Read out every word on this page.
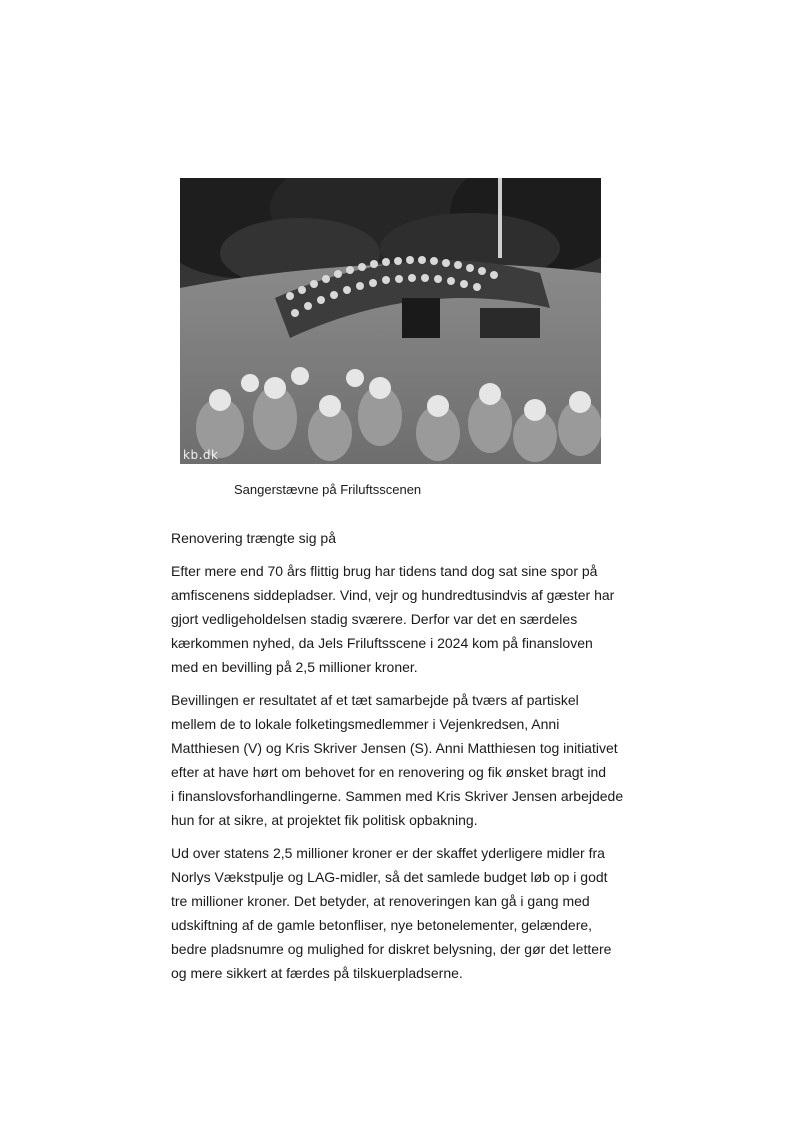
kb.dk
Sangerstævne på Friluftsscenen
Renovering trængte sig på

Efter mere end 70 års flittig brug har tidens tand dog sat sine spor på
amfiscenens siddepladser. Vind, vejr og hundredtusindvis af gæster har
gjort vedligeholdelsen stadig sværere. Derfor var det en særdeles
kærkommen nyhed, da Jels Friluftsscene i 2024 kom på finansloven
med en bevilling på 2,5 millioner kroner.

Bevillingen er resultatet af et tæt samarbejde på tværs af partiskel
mellem de to lokale folketingsmedlemmer i Vejenkredsen, Anni
Matthiesen (V) og Kris Skriver Jensen (S). Anni Matthiesen tog initiativet
efter at have hørt om behovet for en renovering og fik ønsket bragt ind
i finanslovsforhandlingerne. Sammen med Kris Skriver Jensen arbejdede
hun for at sikre, at projektet fik politisk opbakning.

Ud over statens 2,5 millioner kroner er der skaffet yderligere midler fra
Norlys Vækstpulje og LAG-midler, så det samlede budget løb op i godt
tre millioner kroner. Det betyder, at renoveringen kan gå i gang med
udskiftning af de gamle betonfliser, nye betonelementer, gelændere,
bedre pladsnumre og mulighed for diskret belysning, der gør det lettere
og mere sikkert at færdes på tilskuerpladserne.
